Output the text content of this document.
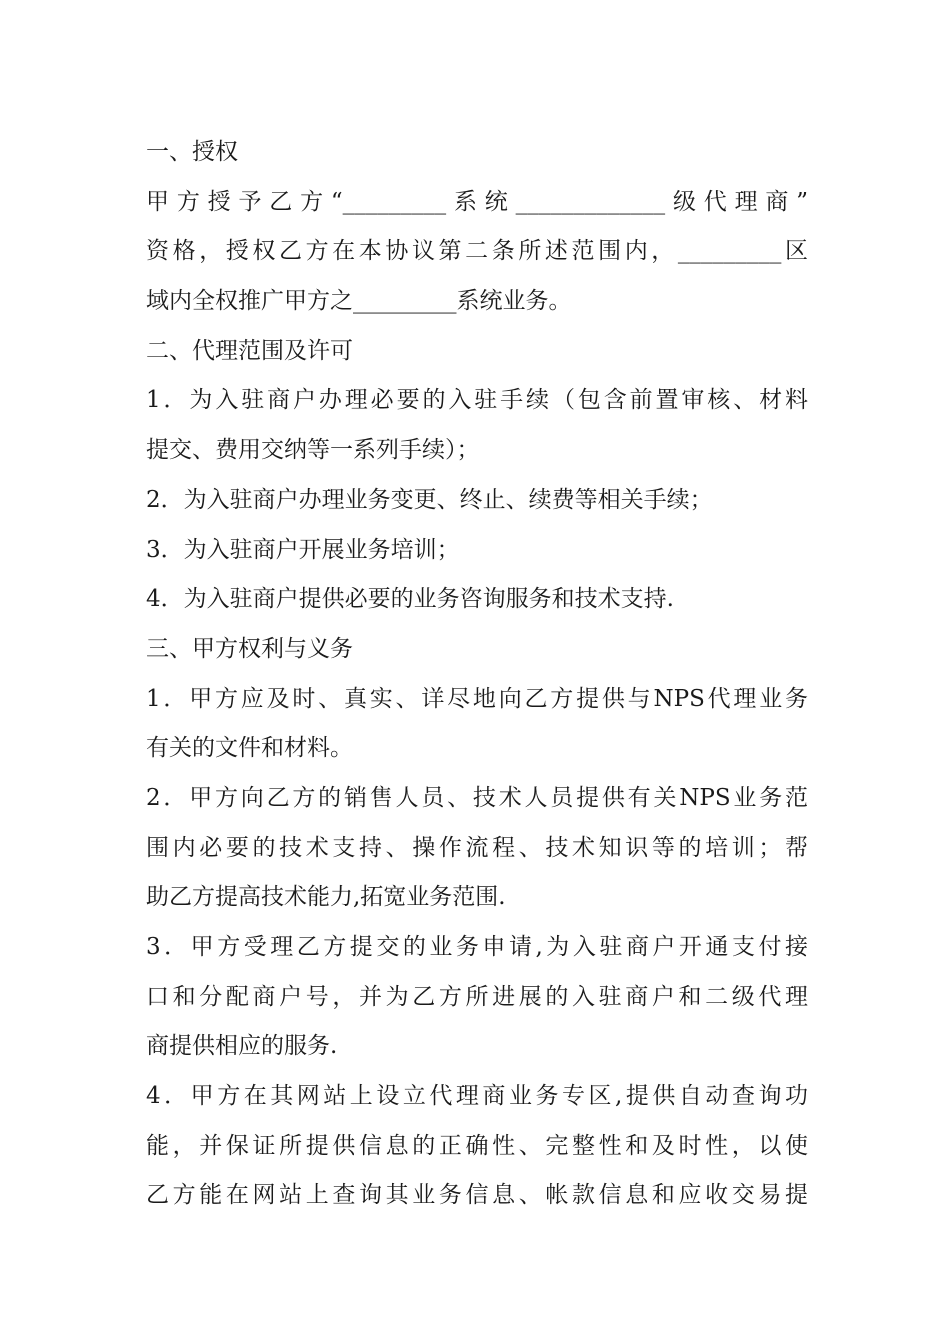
一、授权
甲方授予乙方“_________系统_____________级代理商”
资格，授权乙方在本协议第二条所述范围内，_________区
域内全权推广甲方之_________系统业务。
二、代理范围及许可
1．为入驻商户办理必要的入驻手续（包含前置审核、材料
提交、费用交纳等一系列手续）；
2．为入驻商户办理业务变更、终止、续费等相关手续；
3．为入驻商户开展业务培训；
4．为入驻商户提供必要的业务咨询服务和技术支持.
三、甲方权利与义务
1．甲方应及时、真实、详尽地向乙方提供与NPS代理业务
有关的文件和材料。
2．甲方向乙方的销售人员、技术人员提供有关NPS业务范
围内必要的技术支持、操作流程、技术知识等的培训；帮
助乙方提高技术能力,拓宽业务范围.
3．甲方受理乙方提交的业务申请,为入驻商户开通支付接
口和分配商户号，并为乙方所进展的入驻商户和二级代理
商提供相应的服务.
4．甲方在其网站上设立代理商业务专区,提供自动查询功
能，并保证所提供信息的正确性、完整性和及时性，以使
乙方能在网站上查询其业务信息、帐款信息和应收交易提
